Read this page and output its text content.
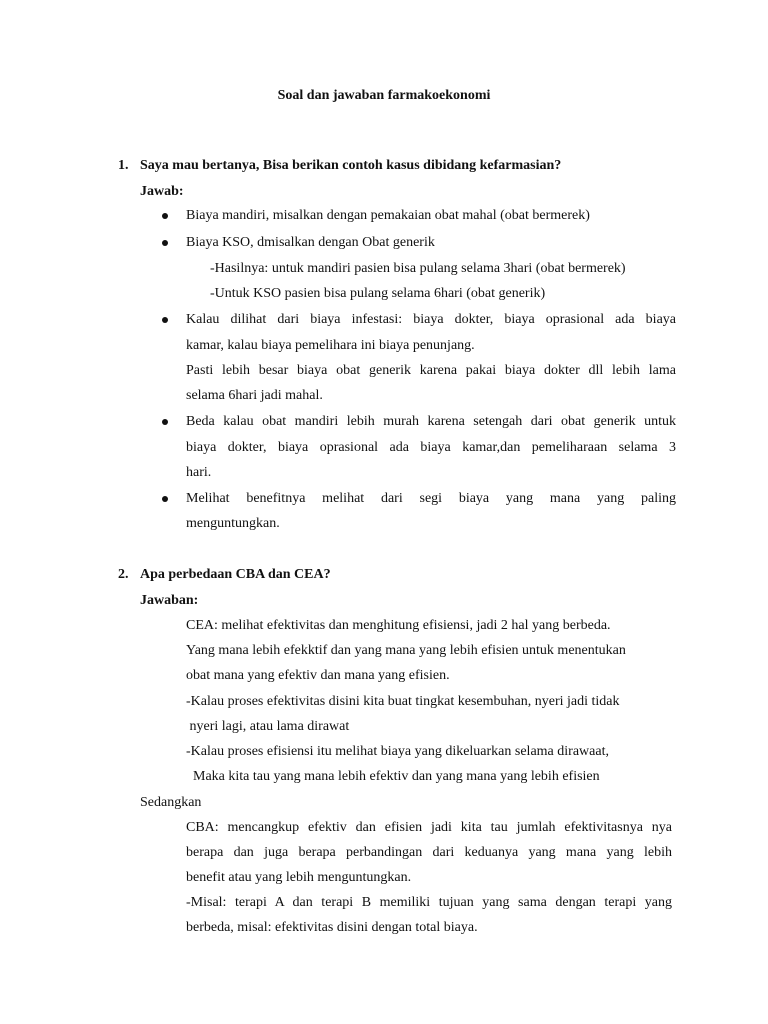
Soal dan jawaban farmakoekonomi
1. Saya mau bertanya, Bisa berikan contoh kasus dibidang kefarmasian?
Jawab:
Biaya mandiri, misalkan dengan pemakaian obat mahal (obat bermerek)
Biaya KSO, dmisalkan dengan Obat generik
-Hasilnya: untuk mandiri pasien bisa pulang selama 3hari (obat bermerek)
-Untuk KSO pasien bisa pulang selama 6hari (obat generik)
Kalau dilihat dari biaya infestasi: biaya dokter, biaya oprasional ada biaya
kamar, kalau biaya pemelihara ini biaya penunjang.
Pasti lebih besar biaya obat generik karena pakai biaya dokter dll lebih lama
selama 6hari jadi mahal.
Beda kalau obat mandiri lebih murah karena setengah dari obat generik untuk
biaya dokter, biaya oprasional ada biaya kamar,dan pemeliharaan selama 3
hari.
Melihat benefitnya melihat dari segi biaya yang mana yang paling
menguntungkan.
2. Apa perbedaan CBA dan CEA?
Jawaban:
CEA: melihat efektivitas dan menghitung efisiensi, jadi 2 hal yang berbeda.
Yang mana lebih efekktif dan yang mana yang lebih efisien untuk menentukan
obat mana yang efektiv dan mana yang efisien.
-Kalau proses efektivitas disini kita buat tingkat kesembuhan, nyeri jadi tidak
nyeri lagi, atau lama dirawat
-Kalau proses efisiensi itu melihat biaya yang dikeluarkan selama dirawaat,
Maka kita tau yang mana lebih efektiv dan yang mana yang lebih efisien
Sedangkan
CBA: mencangkup efektiv dan efisien jadi kita tau jumlah efektivitasnya nya
berapa dan juga berapa perbandingan dari keduanya yang mana yang lebih
benefit atau yang lebih menguntungkan.
-Misal: terapi A dan terapi B memiliki tujuan yang sama dengan terapi yang
berbeda, misal: efektivitas disini dengan total biaya.
